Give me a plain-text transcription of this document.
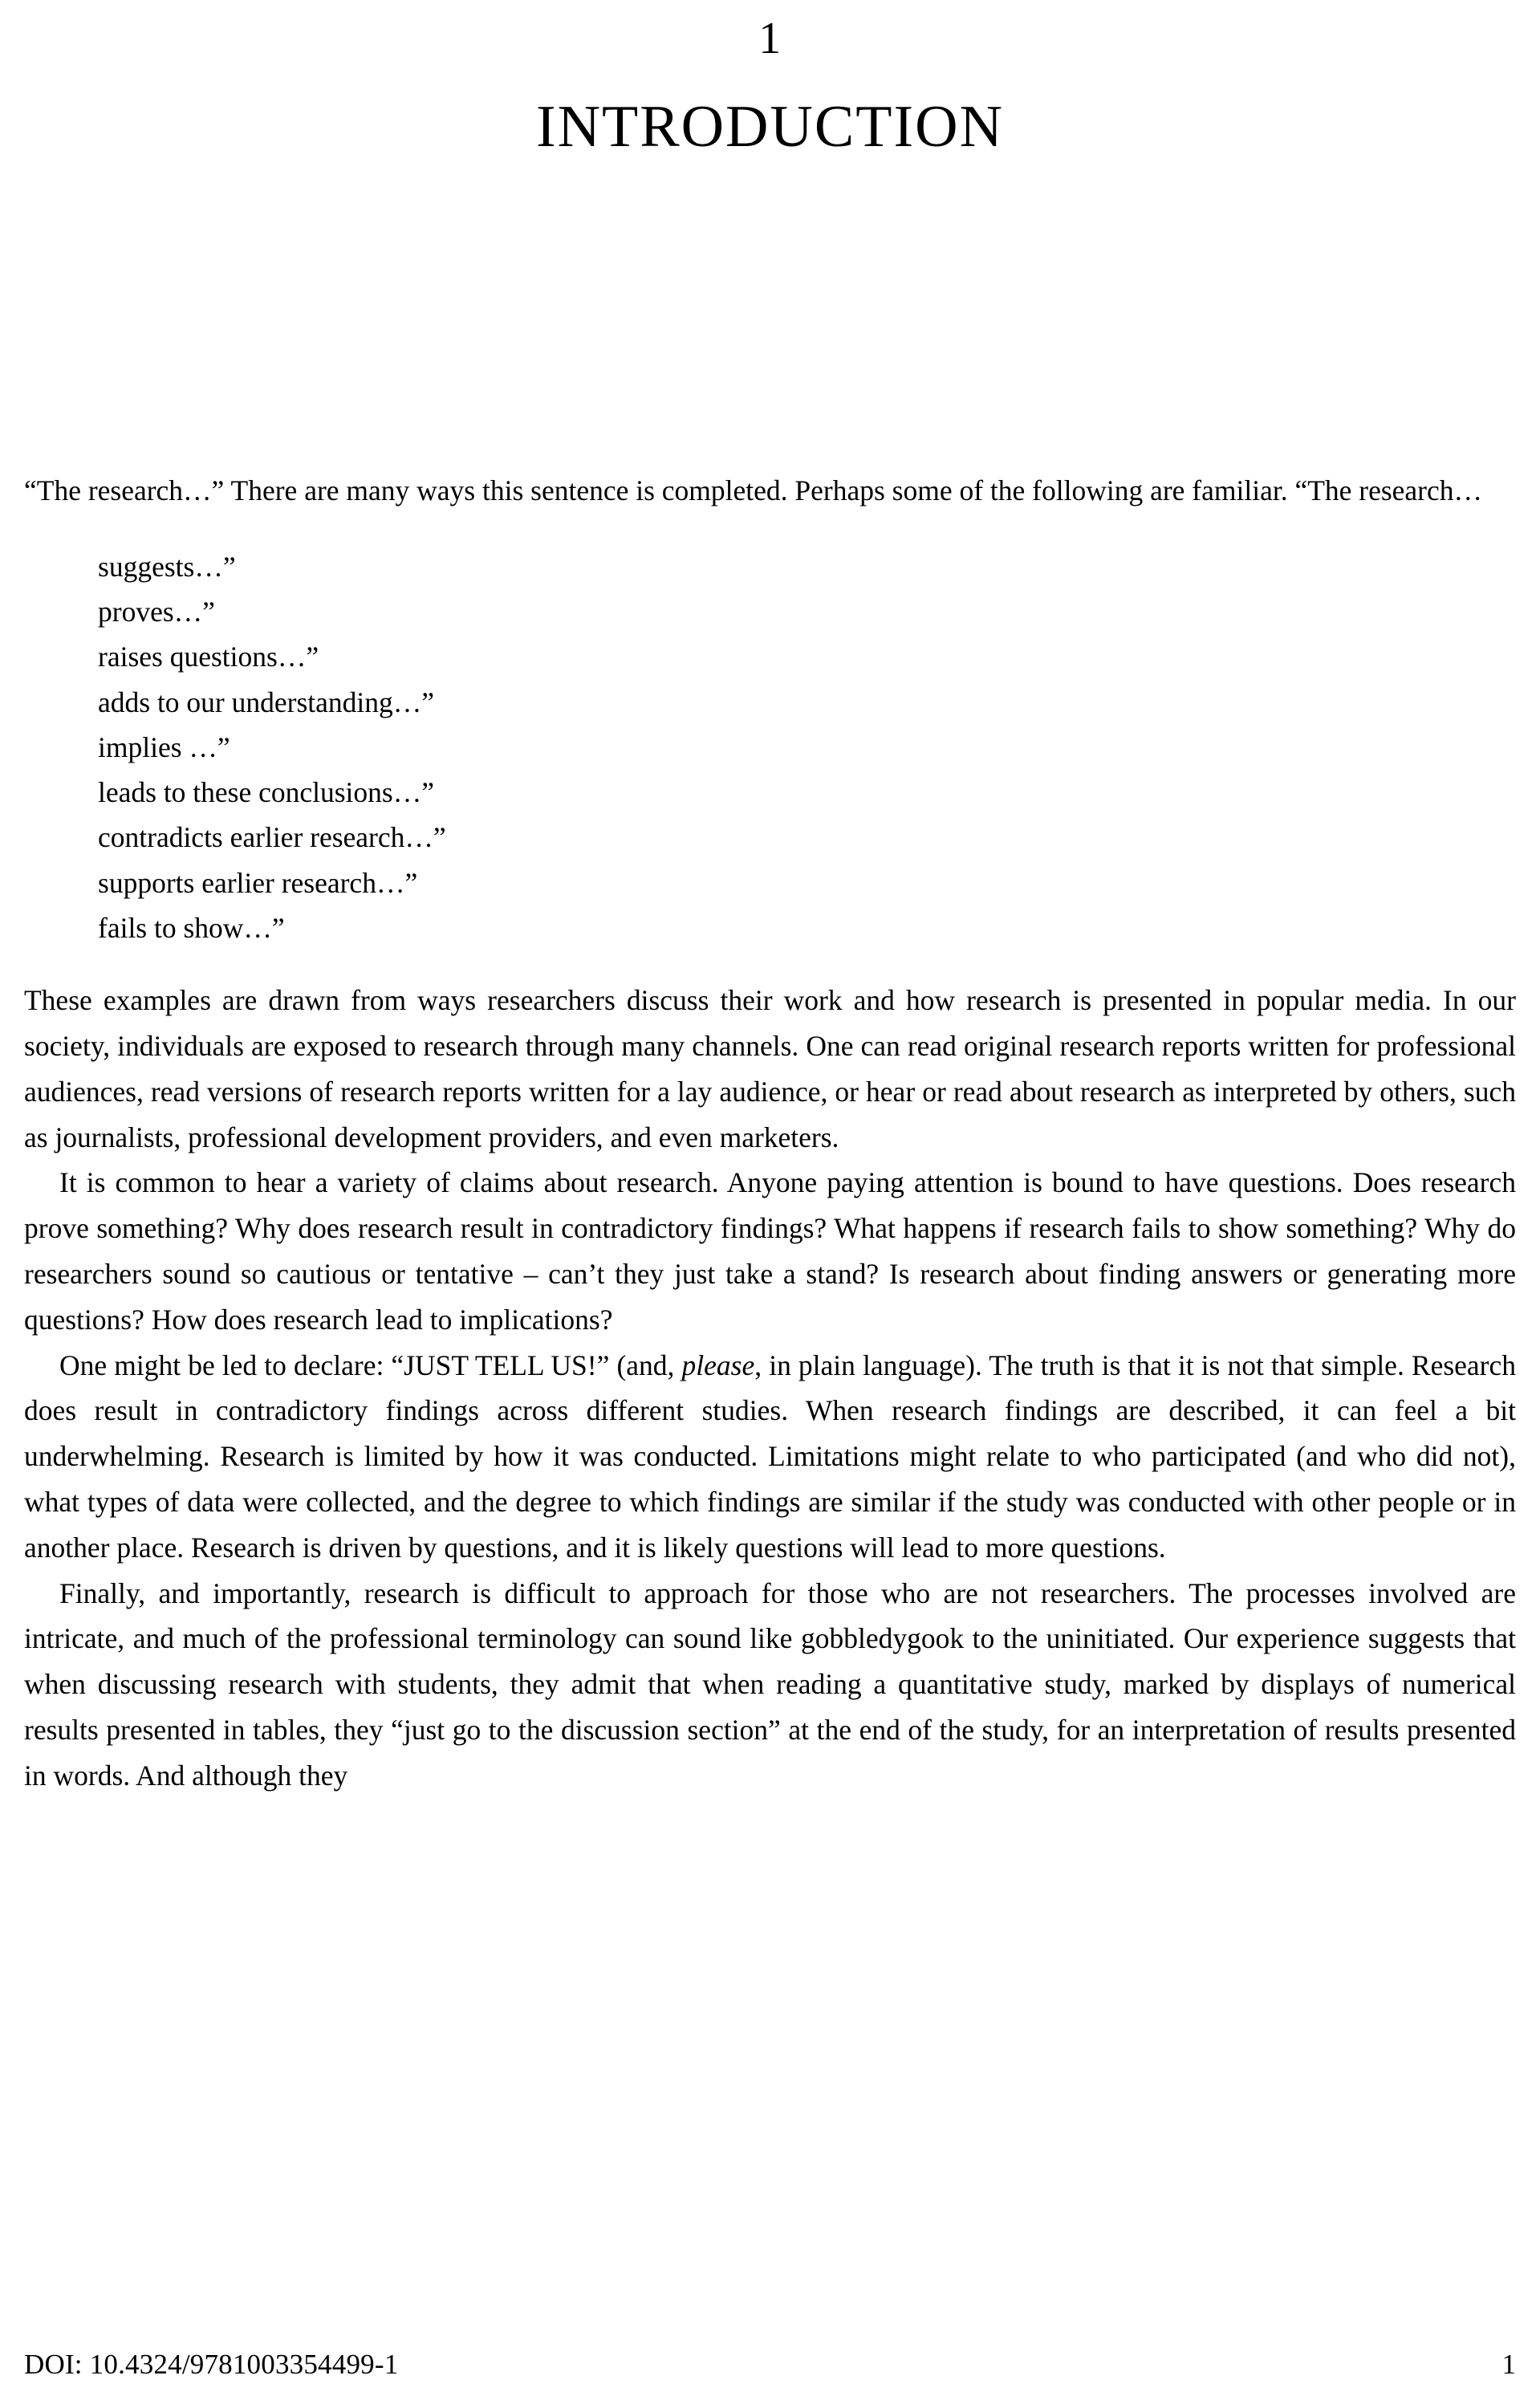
1
INTRODUCTION

“The research…” There are many ways this sentence is completed. Perhaps some of the following are familiar. “The research…

suggests…”
proves…”
raises questions…”
adds to our understanding…”
implies …”
leads to these conclusions…”
contradicts earlier research…”
supports earlier research…”
fails to show…”

These examples are drawn from ways researchers discuss their work and how research is presented in popular media. In our society, individuals are exposed to research through many channels. One can read original research reports written for professional audiences, read versions of research reports written for a lay audience, or hear or read about research as interpreted by others, such as journalists, professional development providers, and even marketers.

It is common to hear a variety of claims about research. Anyone paying attention is bound to have questions. Does research prove something? Why does research result in contradictory findings? What happens if research fails to show something? Why do researchers sound so cautious or tentative – can’t they just take a stand? Is research about finding answers or generating more questions? How does research lead to implications?

One might be led to declare: “JUST TELL US!” (and, please, in plain language). The truth is that it is not that simple. Research does result in contradictory findings across different studies. When research findings are described, it can feel a bit underwhelming. Research is limited by how it was conducted. Limitations might relate to who participated (and who did not), what types of data were collected, and the degree to which findings are similar if the study was conducted with other people or in another place. Research is driven by questions, and it is likely questions will lead to more questions.

Finally, and importantly, research is difficult to approach for those who are not researchers. The processes involved are intricate, and much of the professional terminology can sound like gobbledygook to the uninitiated. Our experience suggests that when discussing research with students, they admit that when reading a quantitative study, marked by displays of numerical results presented in tables, they “just go to the discussion section” at the end of the study, for an interpretation of results presented in words. And although they

DOI: 10.4324/9781003354499-1	1
